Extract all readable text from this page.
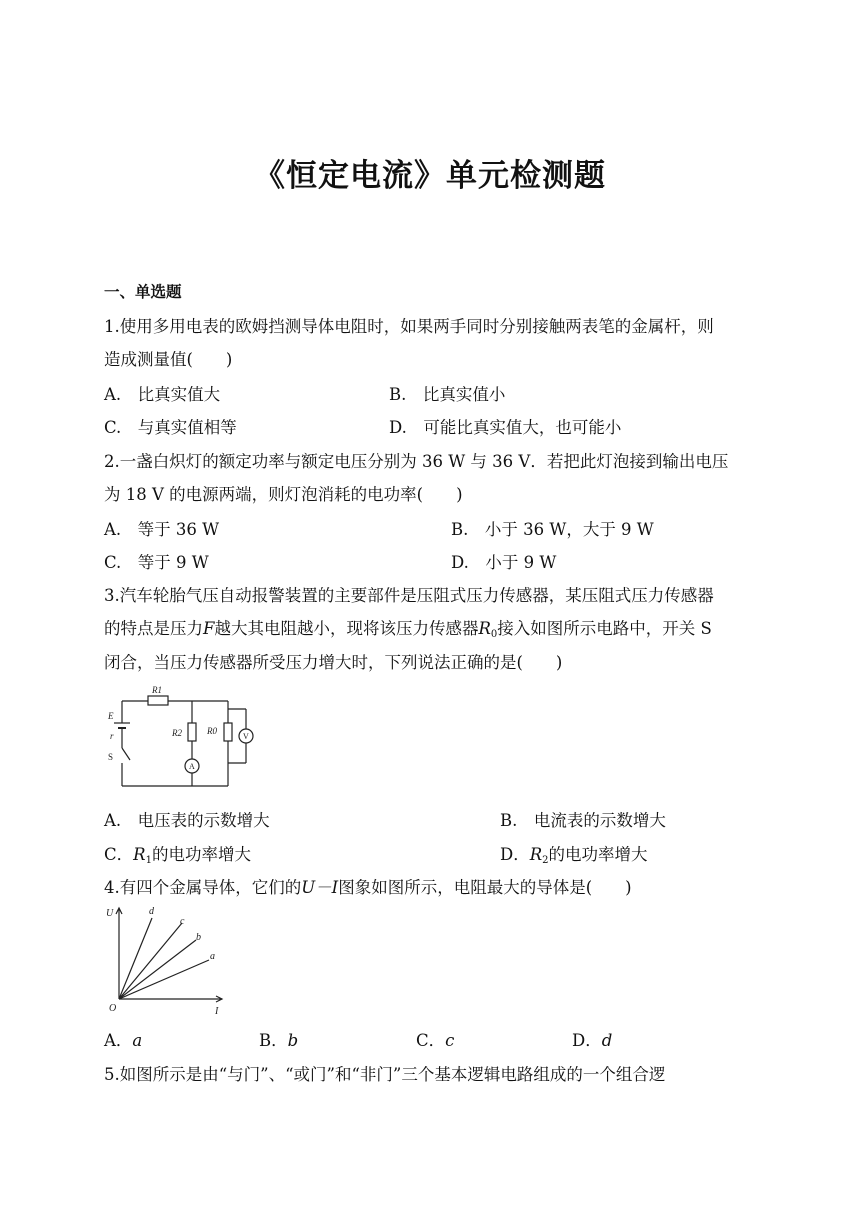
《恒定电流》单元检测题
一、单选题
1.使用多用电表的欧姆挡测导体电阻时，如果两手同时分别接触两表笔的金属杆，则
造成测量值(　　)
A.　比真实值大	B.　比真实值小
C.　与真实值相等	D.　可能比真实值大，也可能小
2.一盏白炽灯的额定功率与额定电压分别为 36 W 与 36 V．若把此灯泡接到输出电压
为 18 V 的电源两端，则灯泡消耗的电功率(　　)
A.　等于 36 W	B.　小于 36 W，大于 9 W
C.　等于 9 W	D.　小于 9 W
3.汽车轮胎气压自动报警装置的主要部件是压阻式压力传感器，某压阻式压力传感器
的特点是压力F越大其电阻越小，现将该压力传感器$R_0$接入如图所示电路中，开关 S
闭合，当压力传感器所受压力增大时，下列说法正确的是(　　)
R1
E
r
S
R2	R0
A
V
A.　电压表的示数增大	B.　电流表的示数增大
C．$R_1$的电功率增大	D．$R_2$的电功率增大
4.有四个金属导体，它们的U－I图象如图所示，电阻最大的导体是(　　)
U
I
O
a
b
c
d
A．a	B．b	C．c	D．d
5.如图所示是由“与门”、“或门”和“非门”三个基本逻辑电路组成的一个组合逻
